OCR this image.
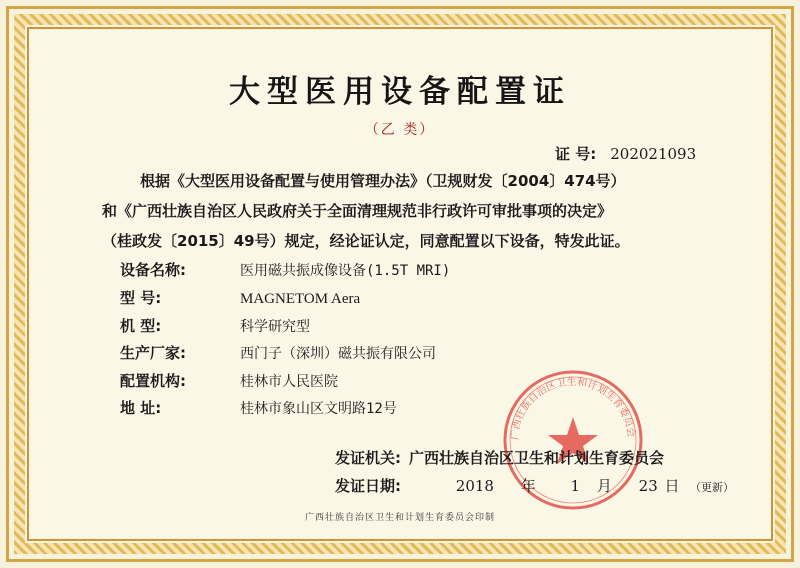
大型医用设备配置证
（乙 类）
证 号: 202021093
根据《大型医用设备配置与使用管理办法》（卫规财发〔2004〕474号）
和《广西壮族自治区人民政府关于全面清理规范非行政许可审批事项的决定》
（桂政发〔2015〕49号）规定，经论证认定，同意配置以下设备，特发此证。
设备名称:	医用磁共振成像设备(1.5T MRI)
型 号:	MAGNETOM Aera
机 型:	科学研究型
生产厂家:	西门子（深圳）磁共振有限公司
配置机构:	桂林市人民医院
地 址:	桂林市象山区文明路12号
广西壮族自治区卫生和计划生育委员会
发证机关: 广西壮族自治区卫生和计划生育委员会
发证日期:	2018 年 1 月 23 日 （更新）
广西壮族自治区卫生和计划生育委员会印制
